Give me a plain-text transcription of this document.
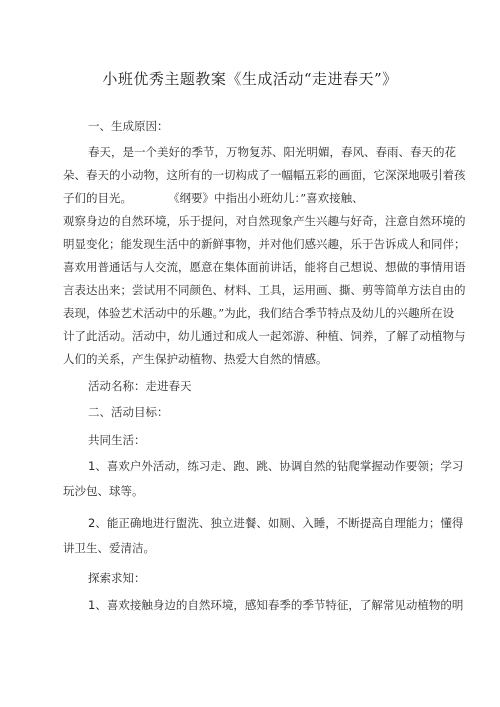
小班优秀主题教案《生成活动“走进春天”》
一、生成原因：
春天，是一个美好的季节，万物复苏、阳光明媚，春风、春雨、春天的花
朵、春天的小动物，这所有的一切构成了一幅幅五彩的画面，它深深地吸引着孩
子们的目光。	《纲要》中指出小班幼儿：”喜欢接触、
观察身边的自然环境，乐于提问，对自然现象产生兴趣与好奇，注意自然环境的
明显变化；能发现生活中的新鲜事物，并对他们感兴趣，乐于告诉成人和同伴；
喜欢用普通话与人交流，愿意在集体面前讲话，能将自己想说、想做的事情用语
言表达出来；尝试用不同颜色、材料、工具，运用画、撕、剪等简单方法自由的
表现，体验艺术活动中的乐趣。”为此，我们结合季节特点及幼儿的兴趣所在设
计了此活动。活动中，幼儿通过和成人一起郊游、种植、饲养，了解了动植物与
人们的关系，产生保护动植物、热爱大自然的情感。
活动名称：走进春天
二、活动目标：
共同生活：
1、喜欢户外活动，练习走、跑、跳、协调自然的钻爬掌握动作要领；学习
玩沙包、球等。
2、能正确地进行盥洗、独立进餐、如厕、入睡，不断提高自理能力；懂得
讲卫生、爱清洁。
探索求知：
1、喜欢接触身边的自然环境，感知春季的季节特征，了解常见动植物的明
